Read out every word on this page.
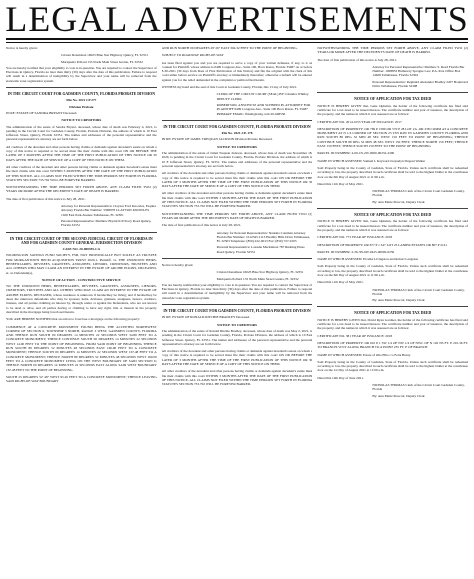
LEGAL ADVERTISEMENTS

Notice is hereby given:

Cristan Donaldson 16025 Blue Star Highway Quincy, FL 32351
Mariquetta Pollard 133 North Main Street Gretna, FL 32332

You are hereby notified that your eligibility to vote is in question. You are required to contact the Supervisor of Elections in Quincy, Florida no later than thirty (30) days after the date of this publication. Failure to respond will result in a determination of ineligibility by the Supervisor and your name will be removed from the statewide voter registration system.

IN THE CIRCUIT COURT FOR GADSDEN COUNTY, FLORIDA PROBATE DIVISION
File No. 2021 CP 277
Division Probate

IN RE: ESTATE OF SANDRA BRYANT Deceased.

NOTICE TO CREDITORS

The administration of the estate of Sandra Bryant, deceased, whose date of death was February 4, 2021, is pending in the Circuit Court for Gadsden County, Florida, Probate Division, the address of which is 10 East Jefferson Street, Quincy, Florida 32351. The names and addresses of the personal representative and the personal representative's attorney are set forth below.

All creditors of the decedent and other persons having claims or demands against decedent's estate on whom a copy of this notice is required to be served must file their claims with this court ON OR BEFORE THE LATER OF 3 MONTHS AFTER THE TIME OF THE FIRST PUBLICATION OF THIS NOTICE OR 30 DAYS AFTER THE DATE OF SERVICE OF A COPY OF THIS NOTICE ON THEM.

All other creditors of the decedent and other persons having claims or demands against decedent's estate must file their claims with this court WITHIN 3 MONTHS AFTER THE DATE OF THE FIRST PUBLICATION OF THIS NOTICE. ALL CLAIMS NOT FILED WITHIN THE TIME PERIODS SET FORTH IN FLORIDA STATUTES SECTION 733.702 WILL BE FOREVER BARRED.

NOTWITHSTANDING THE TIME PERIODS SET FORTH ABOVE, ANY CLAIM FILED TWO (2) YEARS OR MORE AFTER THE DECEDENT'S DATE OF DEATH IS BARRED.

The date of first publication of this notice is July 28, 2021.

Attorney for Personal Representative: Clayton Ford Knowles, Esquire Attorney Florida Bar Number: 3368978 CLAYTON KNOWLES 1026 East Park Avenue Tallahassee, FL 32301
Personal Representative: Matthew Bryant 619 Stacy Road Quincy, Florida 32351
IN THE CIRCUIT COURT OF THE SECOND JUDICIAL CIRCUIT OF FLORIDA IN AND FOR GADSDEN COUNTY GENERAL JURISDICTION DIVISION
CASE NO. 20-000355-CA

WILMINGTON SAVINGS FUND SOCIETY, FSB, NOT INDIVIDUALLY BUT SOLELY AS TRUSTEE FOR MORGANTOWN HECM ACQUISITION TRUST 2020-1, Plaintiff, vs. THE UNKNOWN HEIRS, BENEFICIARIES, DEVISEES, GRANTEES, ASSIGNEES, LIENORS, CREDITORS, TRUSTEES AND ALL OTHERS WHO MAY CLAIM AN INTEREST IN THE ESTATE OF ARCHIE ELKINS, DECEASED, et. al. Defendant(s),

NOTICE OF ACTION - CONSTRUCTIVE SERVICE

TO: THE UNKNOWN HEIRS, BENEFICIARIES, DEVISEES, GRANTEES, ASSIGNEES, LIENORS, CREDITORS, TRUSTEES AND ALL OTHERS WHO MAY CLAIM AN INTEREST IN THE ESTATE OF ARCHIE ELKINS, DECEASED, whose residence is unknown if he/she/they be living; and if he/she/they be dead, the unknown defendants who may be spouses, heirs, devisees, grantees, assignees, lienors, creditors, trustees, and all parties claiming an interest by, through, under or against the Defendants, who are not known to be dead or alive, and all parties having or claiming to have any right, title or interest in the property described in the mortgage being foreclosed herein.

YOU ARE HEREBY NOTIFIED that an action to foreclose a mortgage on the following property:

COMMENCE AT A CONCRETE MONUMENT FOUND BEING THE ACCEPTED NORTHWEST CORNER OF SECTION 6, TOWNSHIP 3 NORTH, RANGE 3 WEST, GADSDEN COUNTY, FLORIDA AND THENCE RUN SOUTH 00 DEGREES 14 MINUTES 22 SECONDS WEST 34.86 FEET TO A CONCRETE MONUMENT; THENCE CONTINUE SOUTH 00 DEGREES 14 MINUTES 22 SECONDS WEST 14.00 FEET TO THE POINT OF BEGINNING. FROM SAID POINT OF BEGINNING THENCE RUN SOUTH 89 DEGREES 52 MINUTES 48 SECONDS EAST 160.00 FEET TO A CONCRETE MONUMENT; THENCE SOUTH 00 DEGREES 14 MINUTES 22 SECONDS WEST 167.48 FEET TO A CONCRETE MONUMENT; THENCE NORTH 89 DEGREES 52 MINUTES 48 SECONDS WEST 160.00 FEET TO A CONCRETE MONUMENT LYING ON THE WEST BOUNDARY OF SAID SECTION 6; THENCE NORTH 00 DEGREES 14 MINUTES 22 SECONDS EAST ALONG SAID WEST BOUNDARY 167.48 FEET TO THE POINT OF BEGINNING.

SOUTH 25 DEGREES 52' 48" WEST 95.20 FEET TO A CONCRETE MONUMENT; THENCE LEAVING SAID RIGHT-OF-WAY BOUNDARY

AND RUN NORTH 00 DEGREES 28' 26" EAST 304.32 FEET TO THE POINT OF BEGINNING.

SUBJECT TO ROADWAY RIGHT-OF-WAY

has been filed against you and you are required to serve a copy of your written defenses, if any, to it on counsel for Plaintiff, whose address is 6409 Congress Ave., Suite 100, Boca Raton, Florida 33487 on or before 8-30-2021 (30 days from Date of First Publication of this Notice) and file the original with the clerk of this court either before service on Plaintiff's attorney or immediately thereafter; otherwise a default will be entered against you for the relief demanded in the complaint or petition filed herein.

WITNESS my hand and the seal of this Court at Gadsden County, Florida, this 13 day of July 2021.

CLERK OF THE CIRCUIT COURT (SEAL) BY: Chandra Whitley DEPUTY CLERK
ROBERTSON, ANSCHUTZ AND SCHNEID PL ATTORNEY FOR PLAINTIFF 6409 Congress Ave., Suite 100 Boca Raton, FL 33487 PRIMARY EMAIL: flmail@raslg.com 20-048556
IN THE CIRCUIT COURT FOR GADSDEN COUNTY, FLORIDA PROBATE DIVISION
File No. 2021-CP-178

IN RE: ESTATE OF JAMEL TREQUAN JACKSON Division Probate Deceased.

NOTICE TO CREDITORS

The administration of the estate of Jamel Trequan Jackson, deceased, whose date of death was November 18, 2020, is pending in the Circuit Court for Gadsden County, Florida, Probate Division, the address of which is 10 E Jefferson Street, Quincy, FL 32351. The names and addresses of the personal representative and the personal representative's attorney are set forth below.

All creditors of the decedent and other persons having claims or demands against decedent's estate on whom a copy of this notice is required to be served must file their claims with this court ON OR BEFORE THE LATER OF 3 MONTHS AFTER THE TIME OF THE FIRST PUBLICATION OF THIS NOTICE OR 30 DAYS AFTER THE DATE OF SERVICE OF A COPY OF THIS NOTICE ON THEM.

All other creditors of the decedent and other persons having claims or demands against decedent's estate must file their claims with this court WITHIN 3 MONTHS AFTER THE DATE OF THE FIRST PUBLICATION OF THIS NOTICE. ALL CLAIMS NOT FILED WITHIN THE TIME PERIODS SET FORTH IN FLORIDA STATUTES SECTION 733.702 WILL BE FOREVER BARRED.

NOTWITHSTANDING THE TIME PERIODS SET FORTH ABOVE, ANY CLAIM FILED TWO (2) YEARS OR MORE AFTER THE DECEDENT'S DATE OF DEATH IS BARRED.

The date of first publication of this notice is July 28, 2021.

Attorney for Personal Representative: Natasha Coleman Attorney Florida Bar Number: 1012345 2113 Healthy Hills Drive Tallahassee, FL 32303 Telephone: (850) 222-0013 Fax: (850) 727-0105
Personal Representative: Lasasha Mackinnon 787 Rushing Pines Road Quincy, Florida 32351

Notice is hereby given:

Cristan Donaldson 16025 Blue Star Highway Quincy, FL 32351
Mariquetta Pollard 133 North Main Street Gretna, FL 32332

You are hereby notified that your eligibility to vote is in question. You are required to contact the Supervisor of Elections in Quincy, Florida no later than thirty (30) days after the date of this publication. Failure to respond will result in a determination of ineligibility by the Supervisor and your name will be removed from the statewide voter registration system.

IN THE CIRCUIT COURT FOR GADSDEN COUNTY, FLORIDA PROBATE DIVISION

IN RE: ESTATE OF RONALD RITCHIE BRADLEY Deceased.

NOTICE TO CREDITORS

The administration of the estate of Ronald Ritchie Bradley, deceased, whose date of death was May 2, 2021, is pending in the Circuit Court for Gadsden County, Florida, Probate Division, the address of which is 10 East Jefferson Street, Quincy, FL 32351. The names and addresses of the personal representative and the personal representative's attorney are set forth below.

All creditors of the decedent and other persons having claims or demands against decedent's estate on whom a copy of this notice is required to be served must file their claims with this court ON OR BEFORE THE LATER OF 3 MONTHS AFTER THE TIME OF THE FIRST PUBLICATION OF THIS NOTICE OR 30 DAYS AFTER THE DATE OF SERVICE OF A COPY OF THIS NOTICE ON THEM.

All other creditors of the decedent and other persons having claims or demands against decedent's estate must file their claims with this court WITHIN 3 MONTHS AFTER THE DATE OF THE FIRST PUBLICATION OF THIS NOTICE. ALL CLAIMS NOT FILED WITHIN THE TIME PERIODS SET FORTH IN FLORIDA STATUTES SECTION 733.702 WILL BE FOREVER BARRED.

NOTWITHSTANDING THE TIME PERIODS SET FORTH ABOVE, ANY CLAIM FILED TWO (2) YEARS OR MORE AFTER THE DECEDENT'S DATE OF DEATH IS BARRED.

The date of first publication of this notice is July 28, 2021.

Attorney for Personal Representative: Matthew S. Reed Florida Bar Number: 1008853 Hathaway Sprague Law, P.A. Post Office Box 14628 Tallahassee, Florida 32304
Personal Representative: Reginald Alexander Bradley 2207 Boulevard Drive Tallahassee, Florida 32308
NOTICE OF APPLICATION FOR TAX DEED

NOTICE IS HEREBY GIVEN that, Gene Ophelan, the holder of the following certificate has filed said certificate for a tax deed to be issued thereon. The certificate number and year of issuance, the description of the property, and the names in which it was assessed are as follows:

CERTIFICATE NO. 2014-1055 YEAR OF ISSUANCE: 2017

DESCRIPTION OF PROPERTY: OR 769 P 1580 OR 570 P 28 LOT 2A -OR 238 COMM AT A CONCRETE MONUMENT AT N 1/4 CORNER OF SECTION 25 T3N R4W IN GADSDEN COUNTY FLORIDA AND RUN SOUTH 89 DEG 52 MIN 48 SEC WEST 150 FEET TO POINT OF BEGINNING; THENCE CONTINUE SOUTH 89 DEG 52 MIN 48 SEC WEST 150 FEET; THENCE NORTH 150 FEET; THENCE EAST 150 FEET; THENCE SOUTH 150 FEET TO THE POINT OF BEGINNING

PARCEL ID NUMBER: 4-09-1N-2W-0000-00232-2300

NAME IN WHICH ASSESSED: Samuel L Kayward Jacquelyn Dupont Walker

Said Property being in the County of Gadsden, State of Florida. Unless such certificate shall be redeemed according to law, the property described in such certificate shall be sold to the highest bidder at the courthouse door on the 6th Day of August 2021 at 11:00 a.m.

Dated this 11th Day of May 2021.

NICHOLAS THOMAS Clerk of the Circuit Court Gadsden County, Florida
By: Ann Marie Prescott, Deputy Clerk
NOTICE OF APPLICATION FOR TAX DEED

NOTICE IS HEREBY GIVEN that, Gene Ophelan, the holder of the following certificate has filed said certificate for a tax deed to be issued thereon. The certificate number and year of issuance, the description of the property, and the names in which it was assessed are as follows:

CERTIFICATE NO. 773 YEAR OF ISSUANCE: 2018

DESCRIPTION OF PROPERTY: OR 677 P 1 347 LOT 25 LANIER ESTATES OR 807 P 2141

PARCEL ID NUMBER: 2-36-3N-6W-0425-00000-0250

NAME IN WHICH ASSESSED: Elcalka Livingston and Robert Langston

Said Property being in the County of Gadsden, State of Florida. Unless such certificate shall be redeemed according to law, the property described in such certificate shall be sold to the highest bidder at the courthouse door on the 6th Day of August 2021 at 11:00 a.m.

Dated this 11th Day of May 2021.

NICHOLAS THOMAS Clerk of the Circuit Court Gadsden County, Florida
By: Ann Marie Prescott, Deputy Clerk
NOTICE OF APPLICATION FOR TAX DEED

NOTICE IS HEREBY GIVEN that, David Ryan Gardner, the holder of the following certificate has filed said certificate for a tax deed to be issued thereon. The certificate number and year of issuance, the description of the property, and the names in which it was assessed are as follows:

CERTIFICATE NO. 381 YEAR OF ISSUANCE: 2018

DESCRIPTION OF PROPERTY: OR 610 P 1 SW 1/4 OF NW 1/4 OF NWC OF N 102 NS FT. E 201.36 FT. TO BRANCH, W/LY ALONG BRANCH TO A POINT 235 FT. E OF BRANCH

NAME IN WHICH ASSESSED: Estate of Otis Ellis c/o Fetta Henry

Said Property being in the County of Gadsden, State of Florida. Unless such certificate shall be redeemed according to law, the property described in such certificate shall be sold to the highest bidder at the courthouse door on the 1st Day of August 2021 at 11:00 a.m.

Dated this 14th Day of June 2021.

NICHOLAS THOMAS Clerk of the Circuit Court Gadsden County, Florida
By: Ann Marie Prescott, Deputy Clerk
